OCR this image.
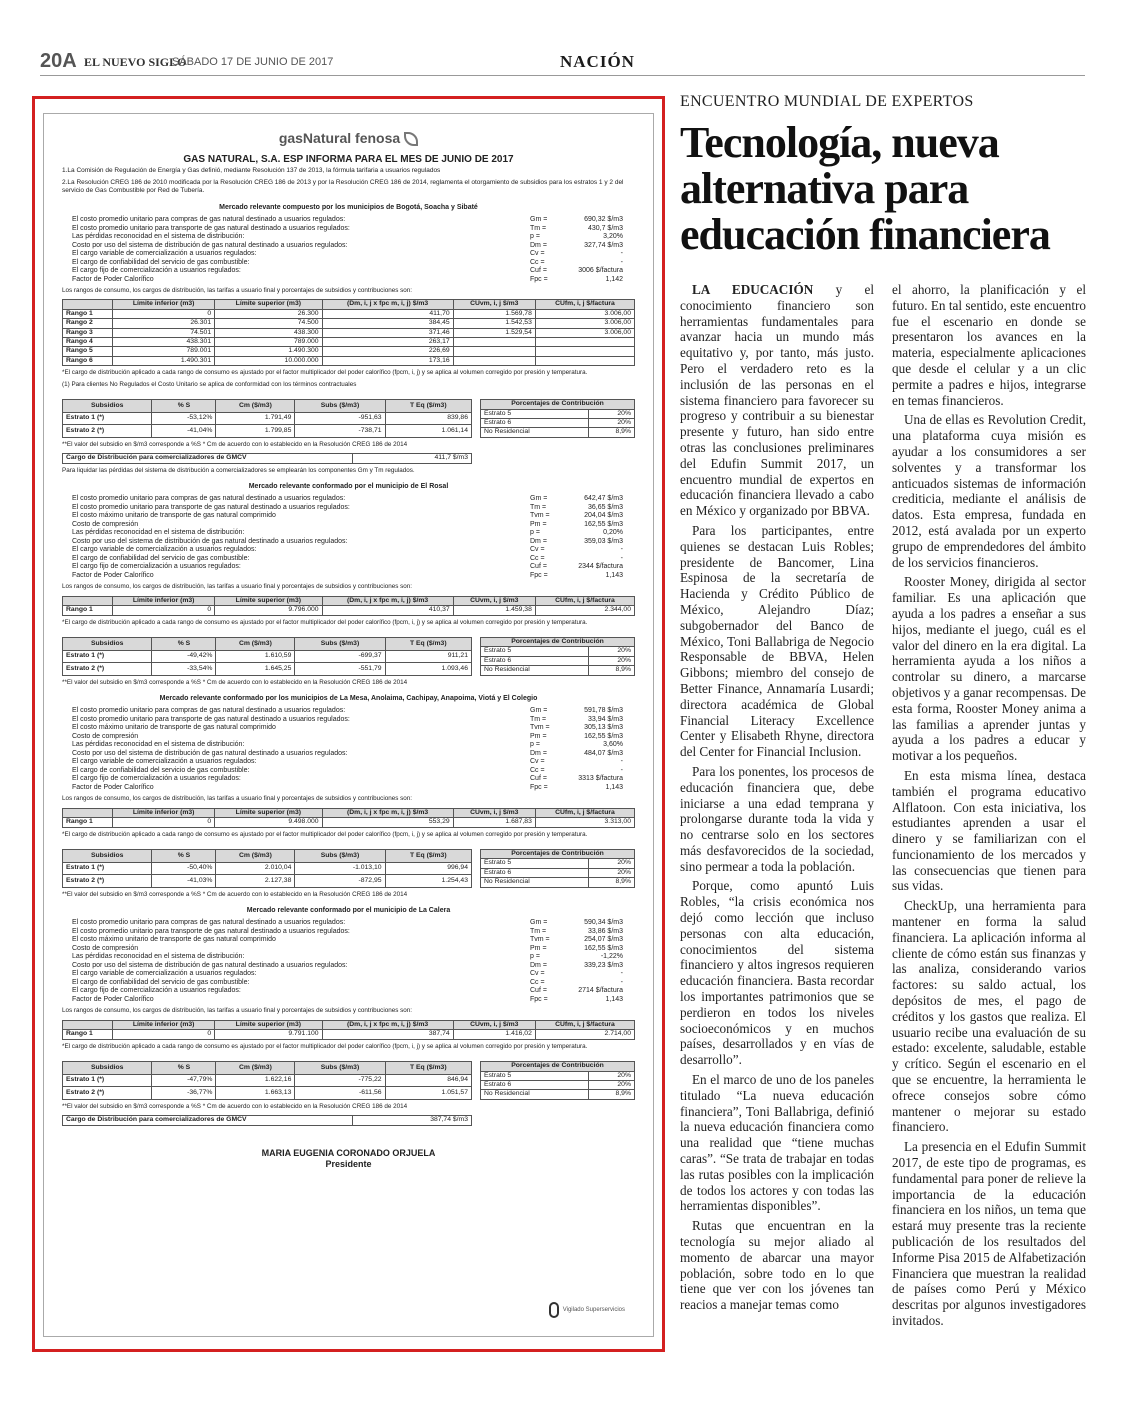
20A EL NUEVO SIGLO
SÁBADO 17 DE JUNIO DE 2017	NACIÓN
gasNatural fenosa
GAS NATURAL, S.A. ESP INFORMA PARA EL MES DE JUNIO DE 2017
1.La Comisión de Regulación de Energía y Gas definió, mediante Resolución 137 de 2013, la fórmula tarifaria a usuarios regulados
2.La Resolución CREG 186 de 2010 modificada por la Resolución CREG 186 de 2013 y por la Resolución CREG 186 de 2014, reglamenta el otorgamiento de subsidios para los estratos 1 y 2 del servicio de Gas Combustible por Red de Tubería.
Mercado relevante compuesto por los municipios de Bogotá, Soacha y Sibaté
El costo promedio unitario para compras de gas natural destinado a usuarios regulados:	Gm =	690,32 $/m3
El costo promedio unitario para transporte de gas natural destinado a usuarios regulados:	Tm =	430,7 $/m3
Las pérdidas reconocidad en el sistema de distribución:	p =	3,20%
Costo por uso del sistema de distribución de gas natural destinado a usuarios regulados:	Dm =	327,74 $/m3
El cargo variable de comercialización a usuarios regulados:	Cv =	-
El cargo de confiabilidad del servicio de gas combustible:	Cc =	-
El cargo fijo de comercialización a usuarios regulados:	Cuf =	3006 $/factura
Factor de Poder Calorífico	Fpc =	1,142
Los rangos de consumo, los cargos de distribución, las tarifas a usuario final y porcentajes de subsidios y contribuciones son:
	Límite inferior (m3)	Límite superior (m3)	(Dm, i, j x fpc m, i, j) $/m3	CUvm, i, j $/m3	CUfm, i, j $/factura
Rango 1	0	26.300	411,70	1.569,78	3.006,00
Rango 2	26.301	74.500	384,45	1.542,53	3.006,00
Rango 3	74.501	438.300	371,46	1.529,54	3.006,00
Rango 4	438.301	789.000	263,17		
Rango 5	789.001	1.490.300	226,69		
Rango 6	1.490.301	10.000.000	173,16		
*El cargo de distribución aplicado a cada rango de consumo es ajustado por el factor multiplicador del poder calorífico (fpcm, i, j) y se aplica al volumen corregido por presión y temperatura.
(1) Para clientes No Regulados el Costo Unitario se aplica de conformidad con los términos contractuales
Subsidios	% S	Cm ($/m3)	Subs ($/m3)	T Eq ($/m3)
Estrato 1 (*)	-53,12%	1.791,49	-951,63	839,86
Estrato 2 (*)	-41,04%	1.799,85	-738,71	1.061,14
Porcentajes de Contribución	
Estrato 5	20%
Estrato 6	20%
No Residencial	8,9%
**El valor del subsidio en $/m3 corresponde a %S * Cm de acuerdo con lo establecido en la Resolución CREG 186 de 2014
Cargo de Distribución para comercializadores de GMCV	411,7 $/m3
Para liquidar las pérdidas del sistema de distribución a comercializadores se emplearán los componentes Gm y Tm regulados.
Mercado relevante conformado por el municipio de El Rosal
El costo promedio unitario para compras de gas natural destinado a usuarios regulados:	Gm =	642,47 $/m3
El costo promedio unitario para transporte de gas natural destinado a usuarios regulados:	Tm =	36,65 $/m3
El costo máximo unitario de transporte de gas natural comprimido	Tvm =	204,04 $/m3
Costo de compresión	Pm =	162,55 $/m3
Las pérdidas reconocidad en el sistema de distribución:	p =	0,20%
Costo por uso del sistema de distribución de gas natural destinado a usuarios regulados:	Dm =	359,03 $/m3
El cargo variable de comercialización a usuarios regulados:	Cv =	-
El cargo de confiabilidad del servicio de gas combustible:	Cc =	-
El cargo fijo de comercialización a usuarios regulados:	Cuf =	2344 $/factura
Factor de Poder Calorífico	Fpc =	1,143
Los rangos de consumo, los cargos de distribución, las tarifas a usuario final y porcentajes de subsidios y contribuciones son:
	Límite inferior (m3)	Límite superior (m3)	(Dm, i, j x fpc m, i, j) $/m3	CUvm, i, j $/m3	CUfm, i, j $/factura
Rango 1	0	9.796.000	410,37	1.459,38	2.344,00
*El cargo de distribución aplicado a cada rango de consumo es ajustado por el factor multiplicador del poder calorífico (fpcm, i, j) y se aplica al volumen corregido por presión y temperatura.
Subsidios	% S	Cm ($/m3)	Subs ($/m3)	T Eq ($/m3)
Estrato 1 (*)	-49,42%	1.610,59	-699,37	911,21
Estrato 2 (*)	-33,54%	1.645,25	-551,79	1.093,46
Porcentajes de Contribución	
Estrato 5	20%
Estrato 6	20%
No Residencial	8,9%
**El valor del subsidio en $/m3 corresponde a %S * Cm de acuerdo con lo establecido en la Resolución CREG 186 de 2014
Mercado relevante conformado por los municipios de La Mesa, Anolaima, Cachipay, Anapoima, Viotá y El Colegio
El costo promedio unitario para compras de gas natural destinado a usuarios regulados:	Gm =	591,78 $/m3
El costo promedio unitario para transporte de gas natural destinado a usuarios regulados:	Tm =	33,94 $/m3
El costo máximo unitario de transporte de gas natural comprimido	Tvm =	305,13 $/m3
Costo de compresión	Pm =	162,55 $/m3
Las pérdidas reconocidad en el sistema de distribución:	p =	3,60%
Costo por uso del sistema de distribución de gas natural destinado a usuarios regulados:	Dm =	484,07 $/m3
El cargo variable de comercialización a usuarios regulados:	Cv =	-
El cargo de confiabilidad del servicio de gas combustible:	Cc =	-
El cargo fijo de comercialización a usuarios regulados:	Cuf =	3313 $/factura
Factor de Poder Calorífico	Fpc =	1,143
Los rangos de consumo, los cargos de distribución, las tarifas a usuario final y porcentajes de subsidios y contribuciones son:
	Límite inferior (m3)	Límite superior (m3)	(Dm, i, j x fpc m, i, j) $/m3	CUvm, i, j $/m3	CUfm, i, j $/factura
Rango 1	0	9.498.000	553,29	1.687,83	3.313,00
*El cargo de distribución aplicado a cada rango de consumo es ajustado por el factor multiplicador del poder calorífico (fpcm, i, j) y se aplica al volumen corregido por presión y temperatura.
Subsidios	% S	Cm ($/m3)	Subs ($/m3)	T Eq ($/m3)
Estrato 1 (*)	-50,40%	2.010,04	-1.013,10	996,94
Estrato 2 (*)	-41,03%	2.127,38	-872,95	1.254,43
Porcentajes de Contribución	
Estrato 5	20%
Estrato 6	20%
No Residencial	8,9%
**El valor del subsidio en $/m3 corresponde a %S * Cm de acuerdo con lo establecido en la Resolución CREG 186 de 2014
Mercado relevante conformado por el municipio de La Calera
El costo promedio unitario para compras de gas natural destinado a usuarios regulados:	Gm =	590,34 $/m3
El costo promedio unitario para transporte de gas natural destinado a usuarios regulados:	Tm =	33,86 $/m3
El costo máximo unitario de transporte de gas natural comprimido	Tvm =	254,07 $/m3
Costo de compresión	Pm =	162,55 $/m3
Las pérdidas reconocidad en el sistema de distribución:	p =	-1,22%
Costo por uso del sistema de distribución de gas natural destinado a usuarios regulados:	Dm =	339,23 $/m3
El cargo variable de comercialización a usuarios regulados:	Cv =	-
El cargo de confiabilidad del servicio de gas combustible:	Cc =	-
El cargo fijo de comercialización a usuarios regulados:	Cuf =	2714 $/factura
Factor de Poder Calorífico	Fpc =	1,143
Los rangos de consumo, los cargos de distribución, las tarifas a usuario final y porcentajes de subsidios y contribuciones son:
	Límite inferior (m3)	Límite superior (m3)	(Dm, i, j x fpc m, i, j) $/m3	CUvm, i, j $/m3	CUfm, i, j $/factura
Rango 1	0	9.791.100	387,74	1.416,02	2.714,00
*El cargo de distribución aplicado a cada rango de consumo es ajustado por el factor multiplicador del poder calorífico (fpcm, i, j) y se aplica al volumen corregido por presión y temperatura.
Subsidios	% S	Cm ($/m3)	Subs ($/m3)	T Eq ($/m3)
Estrato 1 (*)	-47,79%	1.622,16	-775,22	846,94
Estrato 2 (*)	-36,77%	1.663,13	-611,56	1.051,57
Porcentajes de Contribución	
Estrato 5	20%
Estrato 6	20%
No Residencial	8,9%
**El valor del subsidio en $/m3 corresponde a %S * Cm de acuerdo con lo establecido en la Resolución CREG 186 de 2014
Cargo de Distribución para comercializadores de GMCV	387,74 $/m3
MARIA EUGENIA CORONADO ORJUELA
Presidente
Vigilado Superservicios
ENCUENTRO MUNDIAL DE EXPERTOS
Tecnología, nueva alternativa para educación financiera

LA EDUCACIÓN y el conocimiento financiero son herramientas fundamentales para avanzar hacia un mundo más equitativo y, por tanto, más justo. Pero el verdadero reto es la inclusión de las personas en el sistema financiero para favorecer su progreso y contribuir a su bienestar presente y futuro, han sido entre otras las conclusiones preliminares del Edufin Summit 2017, un encuentro mundial de expertos en educación financiera llevado a cabo en México y organizado por BBVA.

Para los participantes, entre quienes se destacan Luis Robles; presidente de Bancomer, Lina Espinosa de la secretaría de Hacienda y Crédito Público de México, Alejandro Díaz; subgobernador del Banco de México, Toni Ballabriga de Negocio Responsable de BBVA, Helen Gibbons; miembro del consejo de Better Finance, Annamaría Lusardi; directora académica de Global Financial Literacy Excellence Center y Elisabeth Rhyne, directora del Center for Financial Inclusion.

Para los ponentes, los procesos de educación financiera que, debe iniciarse a una edad temprana y prolongarse durante toda la vida y no centrarse solo en los sectores más desfavorecidos de la sociedad, sino permear a toda la población.

Porque, como apuntó Luis Robles, “la crisis económica nos dejó como lección que incluso personas con alta educación, conocimientos del sistema financiero y altos ingresos requieren educación financiera. Basta recordar los importantes patrimonios que se perdieron en todos los niveles socioeconómicos y en muchos países, desarrollados y en vías de desarrollo”.

En el marco de uno de los paneles titulado “La nueva educación financiera”, Toni Ballabriga, definió la nueva educación financiera como una realidad que “tiene muchas caras”. “Se trata de trabajar en todas las rutas posibles con la implicación de todos los actores y con todas las herramientas disponibles”.

Rutas que encuentran en la tecnología su mejor aliado al momento de abarcar una mayor población, sobre todo en lo que tiene que ver con los jóvenes tan reacios a manejar temas como

el ahorro, la planificación y el futuro. En tal sentido, este encuentro fue el escenario en donde se presentaron los avances en la materia, especialmente aplicaciones que desde el celular y a un clic permite a padres e hijos, integrarse en temas financieros.

Una de ellas es Revolution Credit, una plataforma cuya misión es ayudar a los consumidores a ser solventes y a transformar los anticuados sistemas de información crediticia, mediante el análisis de datos. Esta empresa, fundada en 2012, está avalada por un experto grupo de emprendedores del ámbito de los servicios financieros.

Rooster Money, dirigida al sector familiar. Es una aplicación que ayuda a los padres a enseñar a sus hijos, mediante el juego, cuál es el valor del dinero en la era digital. La herramienta ayuda a los niños a controlar su dinero, a marcarse objetivos y a ganar recompensas. De esta forma, Rooster Money anima a las familias a aprender juntas y ayuda a los padres a educar y motivar a los pequeños.

En esta misma línea, destaca también el programa educativo Alflatoon. Con esta iniciativa, los estudiantes aprenden a usar el dinero y se familiarizan con el funcionamiento de los mercados y las consecuencias que tienen para sus vidas.

CheckUp, una herramienta para mantener en forma la salud financiera. La aplicación informa al cliente de cómo están sus finanzas y las analiza, considerando varios factores: su saldo actual, los depósitos de mes, el pago de créditos y los gastos que realiza. El usuario recibe una evaluación de su estado: excelente, saludable, estable y crítico. Según el escenario en el que se encuentre, la herramienta le ofrece consejos sobre cómo mantener o mejorar su estado financiero.

La presencia en el Edufin Summit 2017, de este tipo de programas, es fundamental para poner de relieve la importancia de la educación financiera en los niños, un tema que estará muy presente tras la reciente publicación de los resultados del Informe Pisa 2015 de Alfabetización Financiera que muestran la realidad de países como Perú y México descritas por algunos investigadores invitados.
